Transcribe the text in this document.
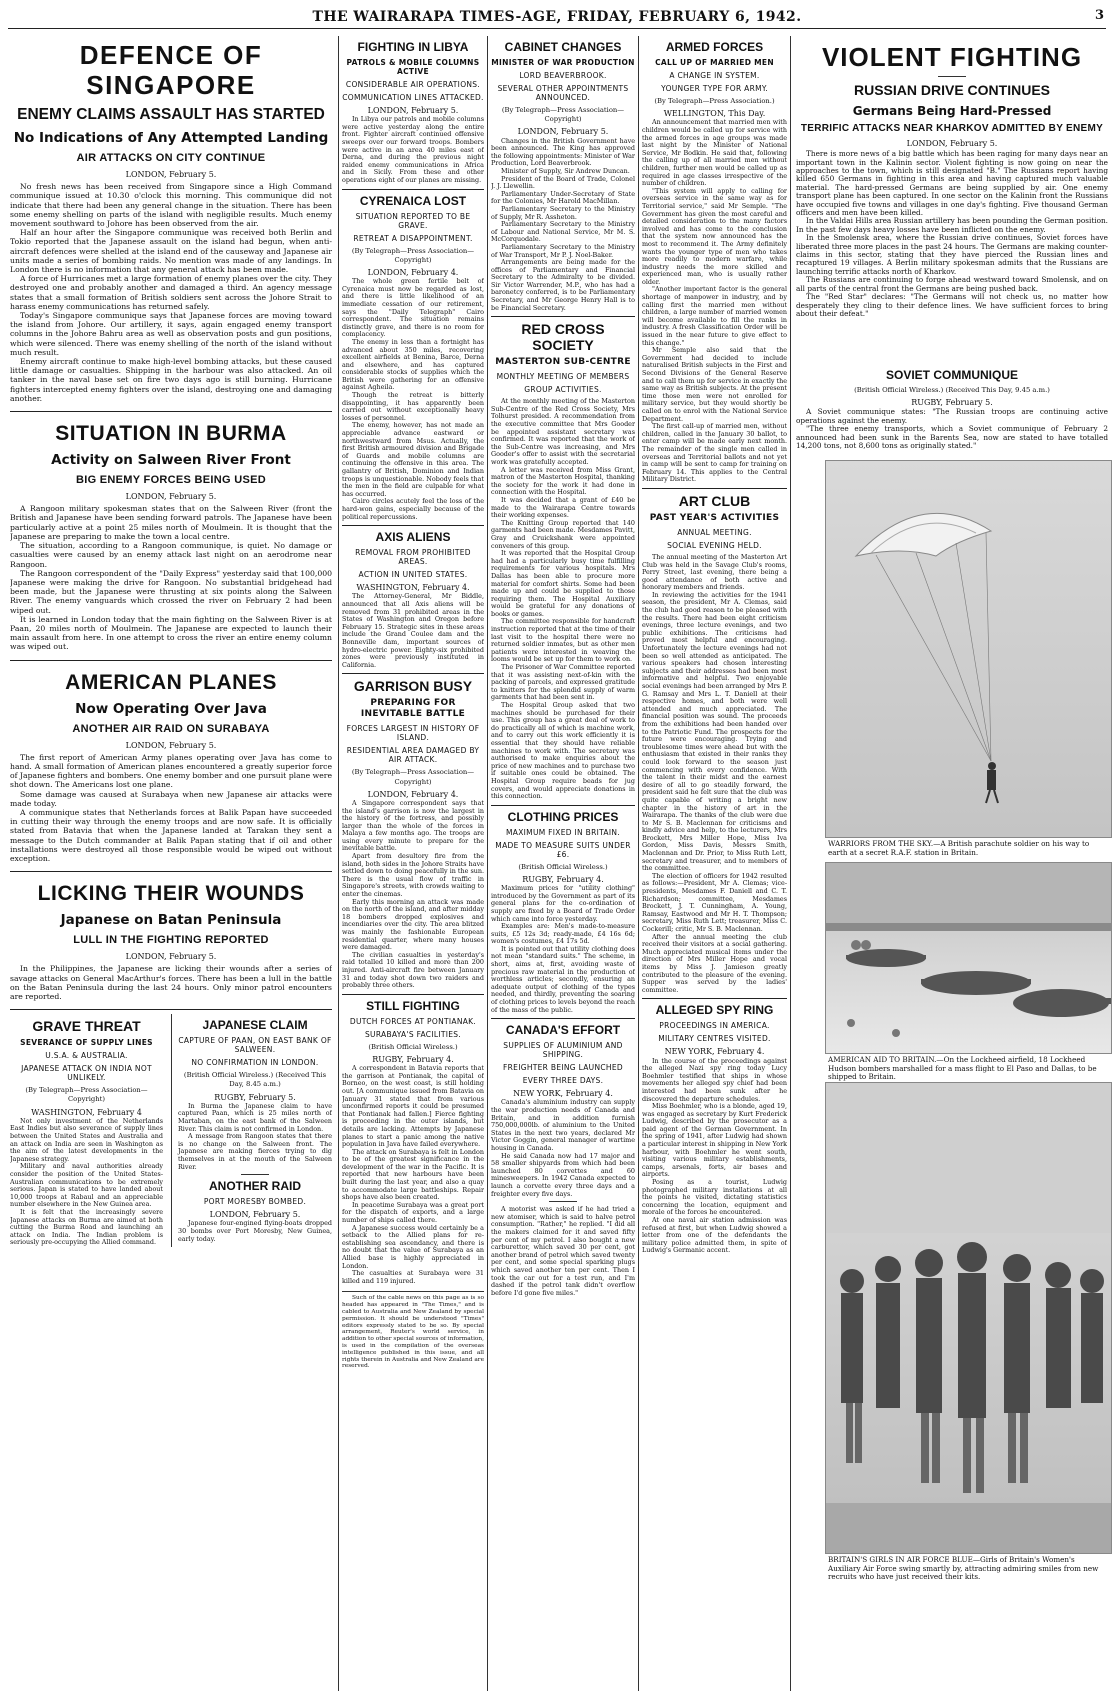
THE WAIRARAPA TIMES-AGE, FRIDAY, FEBRUARY 6, 1942.	3
DEFENCE OF SINGAPORE
ENEMY CLAIMS ASSAULT HAS STARTED
No Indications of Any Attempted Landing
AIR ATTACKS ON CITY CONTINUE
LONDON, February 5.

No fresh news has been received from Singapore since a High Command communique issued at 10.30 o'clock this morning. This communique did not indicate that there had been any general change in the situation. There has been some enemy shelling on parts of the island with negligible results. Much enemy movement southward to Johore has been observed from the air.

Half an hour after the Singapore communique was received both Berlin and Tokio reported that the Japanese assault on the island had begun, when anti-aircraft defences were shelled at the island end of the causeway and Japanese air units made a series of bombing raids. No mention was made of any landings. In London there is no information that any general attack has been made.

A force of Hurricanes met a large formation of enemy planes over the city. They destroyed one and probably another and damaged a third. An agency message states that a small formation of British soldiers sent across the Johore Strait to harass enemy communications has returned safely.

Today's Singapore communique says that Japanese forces are moving toward the island from Johore. Our artillery, it says, again engaged enemy transport columns in the Johore Bahru area as well as observation posts and gun positions, which were silenced. There was enemy shelling of the north of the island without much result.

Enemy aircraft continue to make high-level bombing attacks, but these caused little damage or casualties. Shipping in the harbour was also attacked. An oil tanker in the naval base set on fire two days ago is still burning. Hurricane fighters intercepted enemy fighters over the island, destroying one and damaging another.

SITUATION IN BURMA
Activity on Salween River Front
BIG ENEMY FORCES BEING USED
LONDON, February 5.

A Rangoon military spokesman states that on the Salween River (front the British and Japanese have been sending forward patrols. The Japanese have been particularly active at a point 25 miles north of Moulmein. It is thought that the Japanese are preparing to make the town a local centre.

The situation, according to a Rangoon communique, is quiet. No damage or casualties were caused by an enemy attack last night on an aerodrome near Rangoon.

The Rangoon correspondent of the "Daily Express" yesterday said that 100,000 Japanese were making the drive for Rangoon. No substantial bridgehead had been made, but the Japanese were thrusting at six points along the Salween River. The enemy vanguards which crossed the river on February 2 had been wiped out.

It is learned in London today that the main fighting on the Salween River is at Paan, 20 miles north of Moulmein. The Japanese are expected to launch their main assault from here. In one attempt to cross the river an entire enemy column was wiped out.

AMERICAN PLANES
Now Operating Over Java
ANOTHER AIR RAID ON SURABAYA
LONDON, February 5.

The first report of American Army planes operating over Java has come to hand. A small formation of American planes encountered a greatly superior force of Japanese fighters and bombers. One enemy bomber and one pursuit plane were shot down. The Americans lost one plane.

Some damage was caused at Surabaya when new Japanese air attacks were made today.

A communique states that Netherlands forces at Balik Papan have succeeded in cutting their way through the enemy troops and are now safe. It is officially stated from Batavia that when the Japanese landed at Tarakan they sent a message to the Dutch commander at Balik Papan stating that if oil and other installations were destroyed all those responsible would be wiped out without exception.

LICKING THEIR WOUNDS
Japanese on Batan Peninsula
LULL IN THE FIGHTING REPORTED
LONDON, February 5.

In the Philippines, the Japanese are licking their wounds after a series of savage attacks on General MacArthur's forces. There has been a lull in the battle on the Batan Peninsula during the last 24 hours. Only minor patrol encounters are reported.

GRAVE THREAT
SEVERANCE OF SUPPLY LINES
U.S.A. & AUSTRALIA.
JAPANESE ATTACK ON INDIA NOT UNLIKELY.
(By Telegraph—Press Association—Copyright)
WASHINGTON, February 4

Not only investment of the Netherlands East Indies but also severance of supply lines between the United States and Australia and an attack on India are seen in Washington as the aim of the latest developments in the Japanese strategy.

Military and naval authorities already consider the position of the United States-Australian communications to be extremely serious. Japan is stated to have landed about 10,000 troops at Rabaul and an appreciable number elsewhere in the New Guinea area.

It is felt that the increasingly severe Japanese attacks on Burma are aimed at both cutting the Burma Road and launching an attack on India. The Indian problem is seriously pre-occupying the Allied command.

JAPANESE CLAIM
CAPTURE OF PAAN, ON EAST BANK OF SALWEEN.
NO CONFIRMATION IN LONDON.
(British Official Wireless.) (Received This Day, 8.45 a.m.)
RUGBY, February 5.

In Burma the Japanese claim to have captured Paan, which is 25 miles north of Martaban, on the east bank of the Salween River. This claim is not confirmed in London.

A message from Rangoon states that there is no change on the Salween front. The Japanese are making fierces trying to dig themselves in at the mouth of the Salween River.

ANOTHER RAID
PORT MORESBY BOMBED.
LONDON, February 5.

Japanese four-engined flying-boats dropped 30 bombs over Port Moresby, New Guinea, early today.

FIGHTING IN LIBYA
PATROLS & MOBILE COLUMNS ACTIVE
CONSIDERABLE AIR OPERATIONS.
COMMUNICATION LINES ATTACKED.
LONDON, February 5.

In Libya our patrols and mobile columns were active yesterday along the entire front. Fighter aircraft continued offensive sweeps over our forward troops. Bombers were active in an area 40 miles east of Derna, and during the previous night raided enemy communications in Africa and in Sicily. From these and other operations eight of our planes are missing.

CYRENAICA LOST
SITUATION REPORTED TO BE GRAVE.
RETREAT A DISAPPOINTMENT.
(By Telegraph—Press Association—Copyright)
LONDON, February 4.

The whole green fertile belt of Cyrenaica must now be regarded as lost, and there is little likelihood of an immediate cessation of our retirement, says the "Daily Telegraph" Cairo correspondent. The situation remains distinctly grave, and there is no room for complacency.

The enemy in less than a fortnight has advanced about 350 miles, recovering excellent airfields at Benina, Barce, Derna and elsewhere, and has captured considerable stocks of supplies which the British were gathering for an offensive against Agheila.

Though the retreat is bitterly disappointing, it has apparently been carried out without exceptionally heavy losses of personnel.

The enemy, however, has not made an appreciable advance eastward or northwestward from Msus. Actually, the first British armoured division and Brigade of Guards and mobile columns are continuing the offensive in this area. The gallantry of British, Dominion and Indian troops is unquestionable. Nobody feels that the men in the field are culpable for what has occurred.

Cairo circles acutely feel the loss of the hard-won gains, especially because of the political repercussions.

AXIS ALIENS
REMOVAL FROM PROHIBITED AREAS.
ACTION IN UNITED STATES.
WASHINGTON, February 4.

The Attorney-General, Mr Biddle, announced that all Axis aliens will be removed from 31 prohibited areas in the States of Washington and Oregon before February 15. Strategic sites in these areas include the Grand Coulee dam and the Bonneville dam, important sources of hydro-electric power. Eighty-six prohibited zones were previously instituted in California.

GARRISON BUSY
PREPARING FOR INEVITABLE BATTLE
FORCES LARGEST IN HISTORY OF ISLAND.
RESIDENTIAL AREA DAMAGED BY AIR ATTACK.
(By Telegraph—Press Association—Copyright)
LONDON, February 4.

A Singapore correspondent says that the island's garrison is now the largest in the history of the fortress, and possibly larger than the whole of the forces in Malaya a few months ago. The troops are using every minute to prepare for the inevitable battle.

Apart from desultory fire from the island, both sides in the Johore Straits have settled down to doing peacefully in the sun. There is the usual flow of traffic in Singapore's streets, with crowds waiting to enter the cinemas.

Early this morning an attack was made on the north of the island, and after midday 18 bombers dropped explosives and incendiaries over the city. The area blitzed was mainly the fashionable European residential quarter, where many houses were damaged.

The civilian casualties in yesterday's raid totalled 10 killed and more than 200 injured. Anti-aircraft fire between January 31 and today shot down two raiders and probably three others.

STILL FIGHTING
DUTCH FORCES AT PONTIANAK.
SURABAYA'S FACILITIES.
(British Official Wireless.)
RUGBY, February 4.

A correspondent in Batavia reports that the garrison at Pontianak, the capital of Borneo, on the west coast, is still holding out. [A communique issued from Batavia on January 31 stated that from various unconfirmed reports it could be presumed that Pontianak had fallen.] Fierce fighting is proceeding in the outer islands, but details are lacking. Attempts by Japanese planes to start a panic among the native population in Java have failed everywhere.

The attack on Surabaya is felt in London to be of the greatest significance in the development of the war in the Pacific. It is reported that new harbours have been built during the last year, and also a quay to accommodate large battleships. Repair shops have also been created.

In peacetime Surabaya was a great port for the dispatch of exports, and a large number of ships called there.

A Japanese success would certainly be a setback to the Allied plans for re-establishing sea ascendancy, and there is no doubt that the value of Surabaya as an Allied base is highly appreciated in London.

The casualties at Surabaya were 31 killed and 119 injured.

Such of the cable news on this page as is so headed has appeared in "The Times," and is cabled to Australia and New Zealand by special permission. It should be understood "Times" editors expressly stated to be so. By special arrangement, Reuter's world service, in addition to other special sources of information, is used in the compilation of the overseas intelligence published in this issue, and all rights therein in Australia and New Zealand are reserved.

CABINET CHANGES
MINISTER OF WAR PRODUCTION
LORD BEAVERBROOK.
SEVERAL OTHER APPOINTMENTS ANNOUNCED.
(By Telegraph—Press Association—Copyright)
LONDON, February 5.

Changes in the British Government have been announced. The King has approved the following appointments: Minister of War Production, Lord Beaverbrook.

Minister of Supply, Sir Andrew Duncan.

President of the Board of Trade, Colonel J. J. Llewellin.

Parliamentary Under-Secretary of State for the Colonies, Mr Harold MacMillan.

Parliamentary Secretary to the Ministry of Supply, Mr R. Assheton.

Parliamentary Secretary to the Ministry of Labour and National Service, Mr M. S. McCorquodale.

Parliamentary Secretary to the Ministry of War Transport, Mr P. J. Noel-Baker.

Arrangements are being made for the offices of Parliamentary and Financial Secretary to the Admiralty to be divided. Sir Victor Warrender, M.P., who has had a baronetcy conferred, is to be Parliamentary Secretary, and Mr George Henry Hall is to be Financial Secretary.

RED CROSS SOCIETY
MASTERTON SUB-CENTRE
MONTHLY MEETING OF MEMBERS
GROUP ACTIVITIES.

At the monthly meeting of the Masterton Sub-Centre of the Red Cross Society, Mrs Tolhurst presided. A recommendation from the executive committee that Mrs Gooder be appointed assistant secretary was confirmed. It was reported that the work of the Sub-Centre was increasing, and Mrs Gooder's offer to assist with the secretarial work was gratefully accepted.

A letter was received from Miss Grant, matron of the Masterton Hospital, thanking the society for the work it had done in connection with the Hospital.

It was decided that a grant of £40 be made to the Wairarapa Centre towards their working expenses.

The Knitting Group reported that 140 garments had been made. Mesdames Pavitt, Gray and Cruickshank were appointed conveners of this group.

It was reported that the Hospital Group had had a particularly busy time fulfilling requirements for various hospitals. Mrs Dallas has been able to procure more material for comfort shirts. Some had been made up and could be supplied to those requiring them. The Hospital Auxiliary would be grateful for any donations of books or games.

The committee responsible for handcraft instruction reported that at the time of their last visit to the hospital there were no returned soldier inmates, but as other men patients were interested in weaving the looms would be set up for them to work on.

The Prisoner of War Committee reported that it was assisting next-of-kin with the packing of parcels, and expressed gratitude to knitters for the splendid supply of warm garments that had been sent in.

The Hospital Group asked that two machines should be purchased for their use. This group has a great deal of work to do practically all of which is machine work, and to carry out this work efficiently it is essential that they should have reliable machines to work with. The secretary was authorised to make enquiries about the price of new machines and to purchase two if suitable ones could be obtained. The Hospital Group require beads for jug covers, and would appreciate donations in this connection.

CLOTHING PRICES
MAXIMUM FIXED IN BRITAIN.
MADE TO MEASURE SUITS UNDER £6.
(British Official Wireless.)
RUGBY, February 4.

Maximum prices for "utility clothing" introduced by the Government as part of its general plans for the co-ordination of supply are fixed by a Board of Trade Order which came into force yesterday.

Examples are: Men's made-to-measure suits, £5 12s 3d; ready-made, £4 16s 6d; women's costumes, £4 17s 5d.

It is pointed out that utility clothing does not mean "standard suits." The scheme, in short, aims at, first, avoiding waste of precious raw material in the production of worthless articles; secondly, ensuring an adequate output of clothing of the types needed, and thirdly, preventing the soaring of clothing prices to levels beyond the reach of the mass of the public.

CANADA'S EFFORT
SUPPLIES OF ALUMINIUM AND SHIPPING.
FREIGHTER BEING LAUNCHED
EVERY THREE DAYS.
NEW YORK, February 4.

Canada's aluminium industry can supply the war production needs of Canada and Britain, and in addition furnish 750,000,000lb. of aluminium to the United States in the next two years, declared Mr Victor Goggin, general manager of wartime housing in Canada.

He said Canada now had 17 major and 58 smaller shipyards from which had been launched 80 corvettes and 60 minesweepers. In 1942 Canada expected to launch a corvette every three days and a freighter every five days.

A motorist was asked if he had tried a new atomiser, which is said to halve petrol consumption. "Rather," he replied. "I did all the makers claimed for it and saved fifty per cent of my petrol. I also bought a new carburettor, which saved 30 per cent, got another brand of petrol which saved twenty per cent, and some special sparking plugs which saved another ten per cent. Then I took the car out for a test run, and I'm dashed if the petrol tank didn't overflow before I'd gone five miles."

ARMED FORCES
CALL UP OF MARRIED MEN
A CHANGE IN SYSTEM.
YOUNGER TYPE FOR ARMY.
(By Telegraph—Press Association.)
WELLINGTON, This Day.

An announcement that married men with children would be called up for service with the armed forces in age groups was made last night by the Minister of National Service, Mr Bodkin. He said that, following the calling up of all married men without children, further men would be called up as required in age classes irrespective of the number of children.

"This system will apply to calling for overseas service in the same way as for Territorial service," said Mr Semple. "The Government has given the most careful and detailed consideration to the many factors involved and has come to the conclusion that the system now announced has the most to recommend it. The Army definitely wants the younger type of men who takes more readily to modern warfare, while industry needs the more skilled and experienced man, who is usually rather older.

"Another important factor is the general shortage of manpower in industry, and by calling first the married men without children, a large number of married women will become available to fill the ranks in industry. A fresh Classification Order will be issued in the near future to give effect to this change."

Mr Semple also said that the Government had decided to include naturalised British subjects in the First and Second Divisions of the General Reserve and to call them up for service in exactly the same way as British subjects. At the present time those men were not enrolled for military service, but they would shortly be called on to enrol with the National Service Department.

The first call-up of married men, without children, called in the January 30 ballot, to enter camp will be made early next month. The remainder of the single men called in overseas and Territorial ballots and not yet in camp will be sent to camp for training on February 14. This applies to the Central Military District.

ART CLUB
PAST YEAR'S ACTIVITIES
ANNUAL MEETING.
SOCIAL EVENING HELD.

The annual meeting of the Masterton Art Club was held in the Savage Club's rooms, Perry Street, last evening, there being a good attendance of both active and honorary members and friends.

In reviewing the activities for the 1941 season, the president, Mr A. Clemas, said the club had good reason to be pleased with the results. There had been eight criticism evenings, three lecture evenings, and two public exhibitions. The criticisms had proved most helpful and encouraging. Unfortunately the lecture evenings had not been so well attended as anticipated. The various speakers had chosen interesting subjects and their addresses had been most informative and helpful. Two enjoyable social evenings had been arranged by Mrs P. G. Ramsay and Mrs L. T. Daniell at their respective homes, and both were well attended and much appreciated. The financial position was sound. The proceeds from the exhibitions had been handed over to the Patriotic Fund. The prospects for the future were encouraging. Trying and troublesome times were ahead but with the enthusiasm that existed in their ranks they could look forward to the season just commencing with every confidence. With the talent in their midst and the earnest desire of all to go steadily forward, the president said he felt sure that the club was quite capable of writing a bright new chapter in the history of art in the Wairarapa. The thanks of the club were due to Mr S. B. Maclennan for criticisms and kindly advice and help, to the lecturers, Mrs Brockett, Mrs Miller Hope, Miss Iva Gordon, Miss Davis, Messrs Smith, Maclennan and Dr. Prior, to Miss Ruth Lett, secretary and treasurer, and to members of the committee.

The election of officers for 1942 resulted as follows:—President, Mr A. Clemas; vice-presidents, Mesdames F. Daniell and C. T. Richardson; committee, Mesdames Brockett, J. T. Cunningham, A. Young, Ramsay, Eastwood and Mr H. T. Thompson; secretary, Miss Ruth Lett; treasurer, Miss C. Cockerill; critic, Mr S. B. Maclennan.

After the annual meeting the club received their visitors at a social gathering. Much appreciated musical items under the direction of Mrs Miller Hope and vocal items by Miss J. Jamieson greatly contributed to the pleasure of the evening. Supper was served by the ladies' committee.

ALLEGED SPY RING
PROCEEDINGS IN AMERICA.
MILITARY CENTRES VISITED.
NEW YORK, February 4.

In the course of the proceedings against the alleged Nazi spy ring today Lucy Boehmler testified that ships in whose movements her alleged spy chief had been interested had been sunk after he discovered the departure schedules.

Miss Boehmler, who is a blonde, aged 19, was engaged as secretary by Kurt Frederick Ludwig, described by the prosecutor as a paid agent of the German Government. In the spring of 1941, after Ludwig had shown a particular interest in shipping in New York harbour, with Boehmler he went south, visiting various military establishments, camps, arsenals, forts, air bases and airports.

Posing as a tourist, Ludwig photographed military installations at all the points he visited, dictating statistics concerning the location, equipment and morale of the forces he encountered.

At one naval air station admission was refused at first, but when Ludwig showed a letter from one of the defendants the military police admitted them, in spite of Ludwig's Germanic accent.

VIOLENT FIGHTING
RUSSIAN DRIVE CONTINUES
Germans Being Hard-Pressed
TERRIFIC ATTACKS NEAR KHARKOV ADMITTED BY ENEMY
LONDON, February 5.

There is more news of a big battle which has been raging for many days near an important town in the Kalinin sector. Violent fighting is now going on near the approaches to the town, which is still designated "B." The Russians report having killed 650 Germans in fighting in this area and having captured much valuable material. The hard-pressed Germans are being supplied by air. One enemy transport plane has been captured. In one sector on the Kalinin front the Russians have occupied five towns and villages in one day's fighting. Five thousand German officers and men have been killed.

In the Valdai Hills area Russian artillery has been pounding the German position. In the past few days heavy losses have been inflicted on the enemy.

In the Smolensk area, where the Russian drive continues, Soviet forces have liberated three more places in the past 24 hours. The Germans are making counter-claims in this sector, stating that they have pierced the Russian lines and recaptured 19 villages. A Berlin military spokesman admits that the Russians are launching terrific attacks north of Kharkov.

The Russians are continuing to forge ahead westward toward Smolensk, and on all parts of the central front the Germans are being pushed back.

The "Red Star" declares: "The Germans will not check us, no matter how desperately they cling to their defence lines. We have sufficient forces to bring about their defeat."

SOVIET COMMUNIQUE
(British Official Wireless.) (Received This Day, 9.45 a.m.)
RUGBY, February 5.

A Soviet communique states: "The Russian troops are continuing active operations against the enemy.

"The three enemy transports, which a Soviet communique of February 2 announced had been sunk in the Barents Sea, now are stated to have totalled 14,200 tons, not 8,600 tons as originally stated."

WARRIORS FROM THE SKY.—A British parachute soldier on his way to earth at a secret R.A.F. station in Britain.
AMERICAN AID TO BRITAIN.—On the Lockheed airfield, 18 Lockheed Hudson bombers marshalled for a mass flight to El Paso and Dallas, to be shipped to Britain.
BRITAIN'S GIRLS IN AIR FORCE BLUE—Girls of Britain's Women's Auxiliary Air Force swing smartly by, attracting admiring smiles from new recruits who have just received their kits.
